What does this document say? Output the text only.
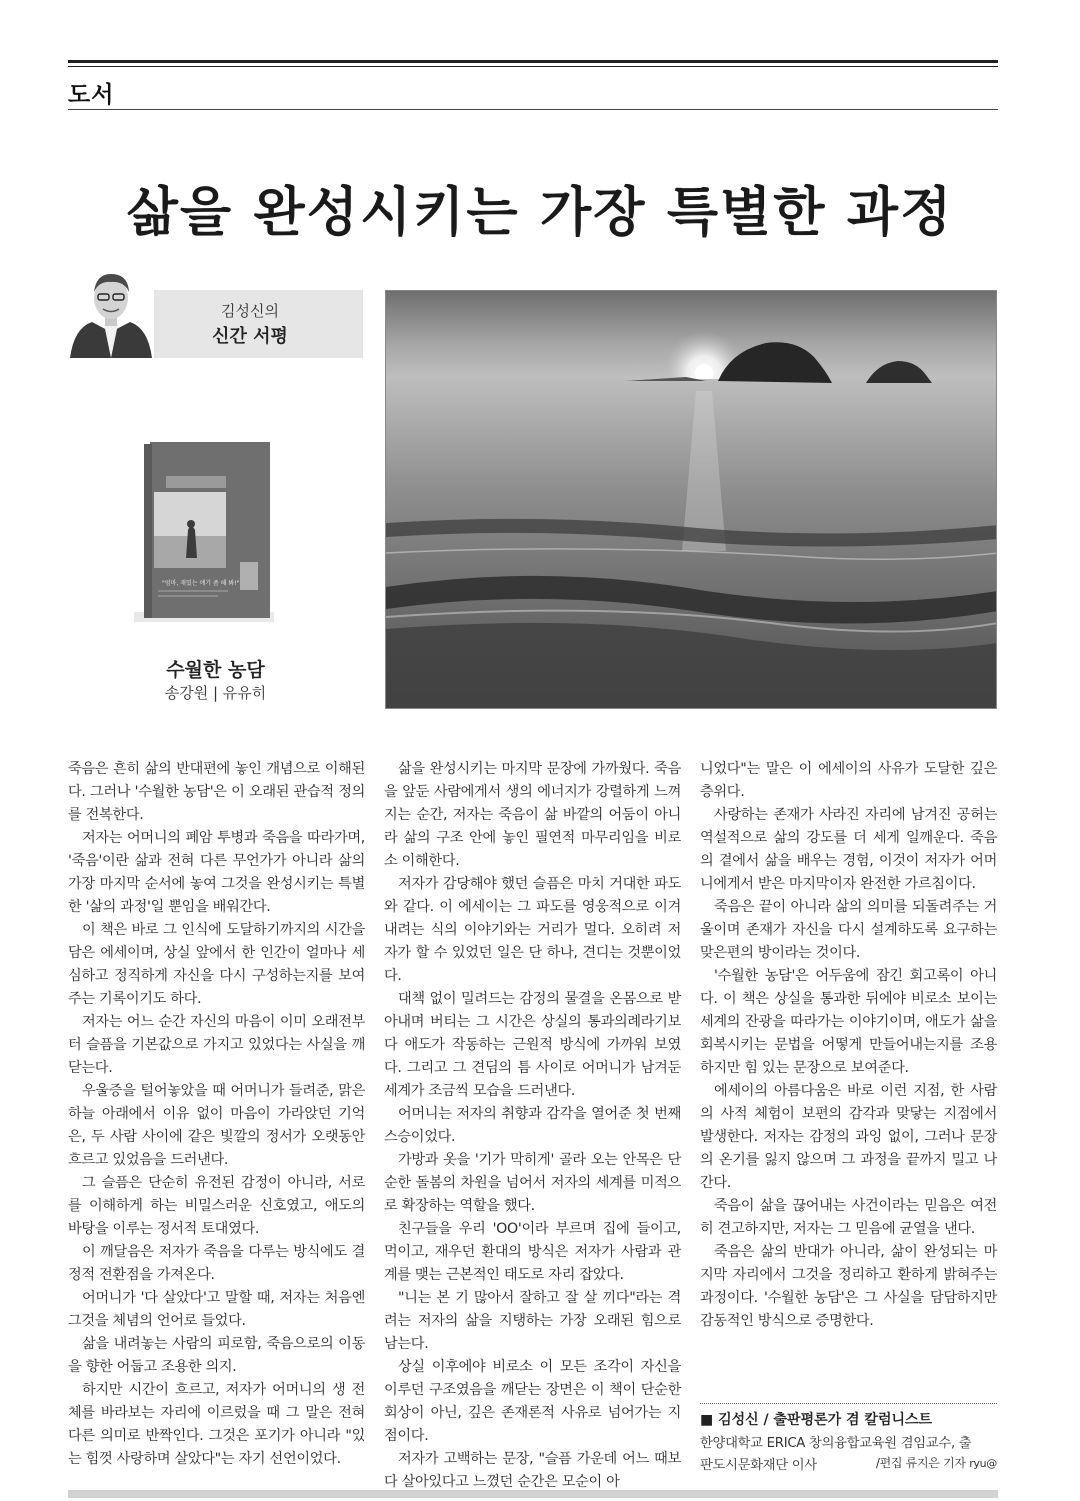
도서
삶을 완성시키는 가장 특별한 과정
김성신의
신간 서평
"엄마, 재밌는 얘기 좀 해 봐!"
수월한 농담
송강원 | 유유히

죽음은 흔히 삶의 반대편에 놓인 개념으로 이해된다. 그러나 '수월한 농담'은 이 오래된 관습적 정의를 전복한다.

저자는 어머니의 폐암 투병과 죽음을 따라가며, '죽음'이란 삶과 전혀 다른 무언가가 아니라 삶의 가장 마지막 순서에 놓여 그것을 완성시키는 특별한 '삶의 과정'일 뿐임을 배워간다.

이 책은 바로 그 인식에 도달하기까지의 시간을 담은 에세이며, 상실 앞에서 한 인간이 얼마나 세심하고 정직하게 자신을 다시 구성하는지를 보여주는 기록이기도 하다.

저자는 어느 순간 자신의 마음이 이미 오래전부터 슬픔을 기본값으로 가지고 있었다는 사실을 깨닫는다.

우울증을 털어놓았을 때 어머니가 들려준, 맑은 하늘 아래에서 이유 없이 마음이 가라앉던 기억은, 두 사람 사이에 같은 빛깔의 정서가 오랫동안 흐르고 있었음을 드러낸다.

그 슬픔은 단순히 유전된 감정이 아니라, 서로를 이해하게 하는 비밀스러운 신호였고, 애도의 바탕을 이루는 정서적 토대였다.

이 깨달음은 저자가 죽음을 다루는 방식에도 결정적 전환점을 가져온다.

어머니가 '다 살았다'고 말할 때, 저자는 처음엔 그것을 체념의 언어로 들었다.

삶을 내려놓는 사람의 피로함, 죽음으로의 이동을 향한 어둡고 조용한 의지.

하지만 시간이 흐르고, 저자가 어머니의 생 전체를 바라보는 자리에 이르렀을 때 그 말은 전혀 다른 의미로 반짝인다. 그것은 포기가 아니라 "있는 힘껏 사랑하며 살았다"는 자기 선언이었다.

삶을 완성시키는 마지막 문장에 가까웠다. 죽음을 앞둔 사람에게서 생의 에너지가 강렬하게 느껴지는 순간, 저자는 죽음이 삶 바깥의 어둠이 아니라 삶의 구조 안에 놓인 필연적 마무리임을 비로소 이해한다.

저자가 감당해야 했던 슬픔은 마치 거대한 파도와 같다. 이 에세이는 그 파도를 영웅적으로 이겨내려는 식의 이야기와는 거리가 멀다. 오히려 저자가 할 수 있었던 일은 단 하나, 견디는 것뿐이었다.

대책 없이 밀려드는 감정의 물결을 온몸으로 받아내며 버티는 그 시간은 상실의 통과의례라기보다 애도가 작동하는 근원적 방식에 가까워 보였다. 그리고 그 견딤의 틈 사이로 어머니가 남겨둔 세계가 조금씩 모습을 드러낸다.

어머니는 저자의 취향과 감각을 열어준 첫 번째 스승이었다.

가방과 옷을 '기가 막히게' 골라 오는 안목은 단순한 돌봄의 차원을 넘어서 저자의 세계를 미적으로 확장하는 역할을 했다.

친구들을 우리 'OO'이라 부르며 집에 들이고, 먹이고, 재우던 환대의 방식은 저자가 사람과 관계를 맺는 근본적인 태도로 자리 잡았다.

"니는 본 기 많아서 잘하고 잘 살 끼다"라는 격려는 저자의 삶을 지탱하는 가장 오래된 힘으로 남는다.

상실 이후에야 비로소 이 모든 조각이 자신을 이루던 구조였음을 깨닫는 장면은 이 책이 단순한 회상이 아닌, 깊은 존재론적 사유로 넘어가는 지점이다.

저자가 고백하는 문장, "슬픔 가운데 어느 때보다 살아있다고 느꼈던 순간은 모순이 아

니었다"는 말은 이 에세이의 사유가 도달한 깊은 층위다.

사랑하는 존재가 사라진 자리에 남겨진 공허는 역설적으로 삶의 강도를 더 세게 일깨운다. 죽음의 곁에서 삶을 배우는 경험, 이것이 저자가 어머니에게서 받은 마지막이자 완전한 가르침이다.

죽음은 끝이 아니라 삶의 의미를 되돌려주는 거울이며 존재가 자신을 다시 설계하도록 요구하는 맞은편의 방이라는 것이다.

'수월한 농담'은 어두움에 잠긴 회고록이 아니다. 이 책은 상실을 통과한 뒤에야 비로소 보이는 세계의 잔광을 따라가는 이야기이며, 애도가 삶을 회복시키는 문법을 어떻게 만들어내는지를 조용하지만 힘 있는 문장으로 보여준다.

에세이의 아름다움은 바로 이런 지점, 한 사람의 사적 체험이 보편의 감각과 맞닿는 지점에서 발생한다. 저자는 감정의 과잉 없이, 그러나 문장의 온기를 잃지 않으며 그 과정을 끝까지 밀고 나간다.

죽음이 삶을 끊어내는 사건이라는 믿음은 여전히 견고하지만, 저자는 그 믿음에 균열을 낸다.

죽음은 삶의 반대가 아니라, 삶이 완성되는 마지막 자리에서 그것을 정리하고 환하게 밝혀주는 과정이다. '수월한 농담'은 그 사실을 담담하지만 감동적인 방식으로 증명한다.

■ 김성신 / 출판평론가 겸 칼럼니스트
한양대학교 ERICA 창의융합교육원 겸임교수, 출
판도시문화재단 이사	/편집 류지은 기자 ryu@
